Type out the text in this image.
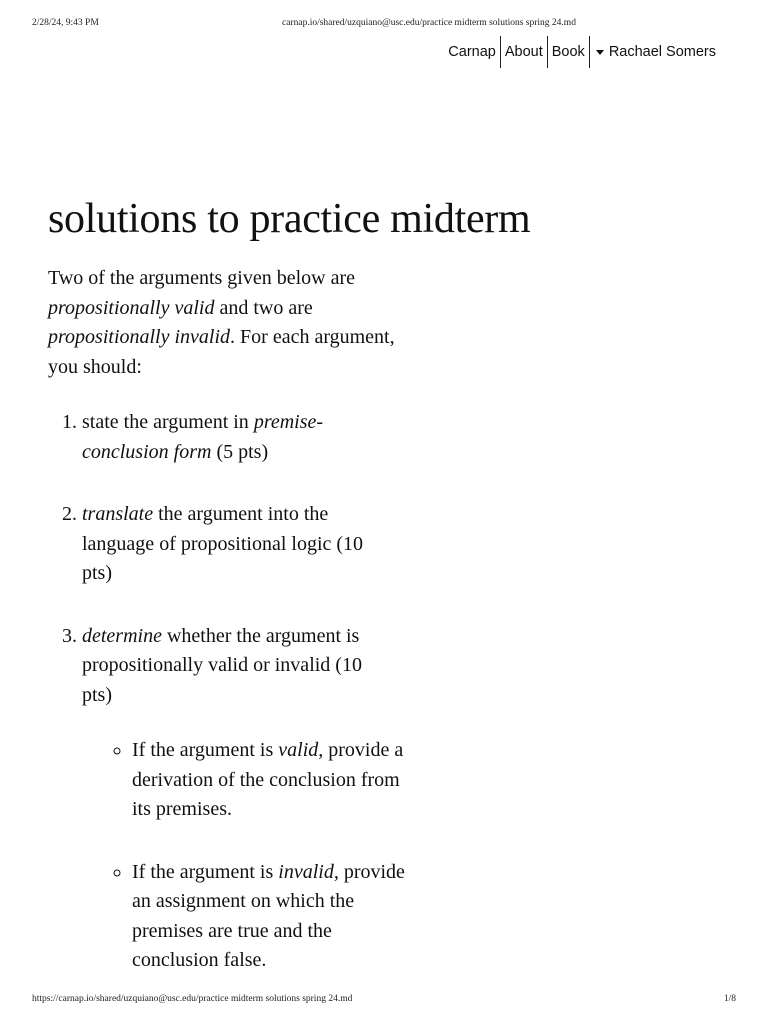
2/28/24, 9:43 PM	carnap.io/shared/uzquiano@usc.edu/practice midterm solutions spring 24.md
Carnap About Book Rachael Somers
solutions to practice midterm

Two of the arguments given below are propositionally valid and two are propositionally invalid. For each argument, you should:

1. state the argument in premise-conclusion form (5 pts)
2. translate the argument into the language of propositional logic (10 pts)
3. determine whether the argument is propositionally valid or invalid (10 pts)
◦ If the argument is valid, provide a derivation of the conclusion from its premises.
◦ If the argument is invalid, provide an assignment on which the premises are true and the conclusion false.
https://carnap.io/shared/uzquiano@usc.edu/practice midterm solutions spring 24.md	1/8
